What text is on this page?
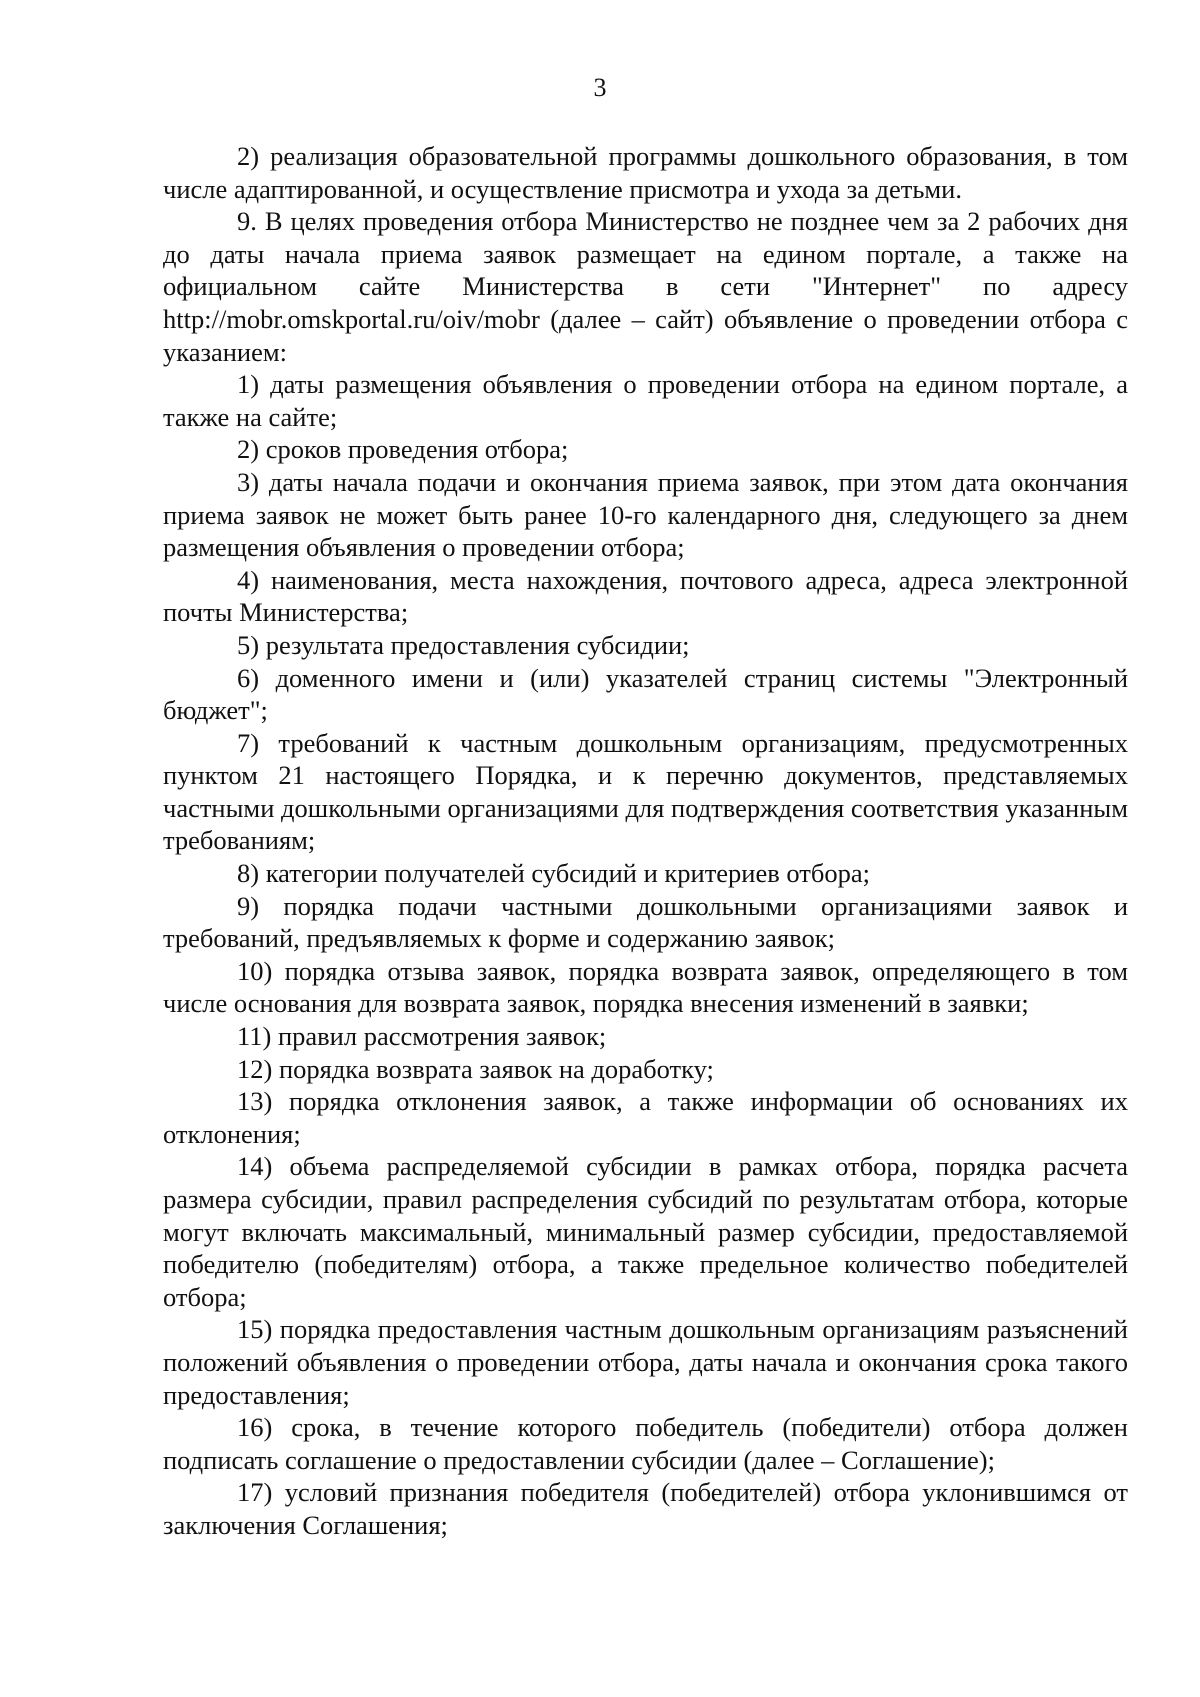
3

2) реализация образовательной программы дошкольного образования, в том числе адаптированной, и осуществление присмотра и ухода за детьми.

9. В целях проведения отбора Министерство не позднее чем за 2 рабочих дня до даты начала приема заявок размещает на едином портале, а также на официальном сайте Министерства в сети "Интернет" по адресу http://mobr.omskportal.ru/oiv/mobr (далее – сайт) объявление о проведении отбора с указанием:

1) даты размещения объявления о проведении отбора на едином портале, а также на сайте;

2) сроков проведения отбора;

3) даты начала подачи и окончания приема заявок, при этом дата окончания приема заявок не может быть ранее 10-го календарного дня, следующего за днем размещения объявления о проведении отбора;

4) наименования, места нахождения, почтового адреса, адреса электронной почты Министерства;

5) результата предоставления субсидии;

6) доменного имени и (или) указателей страниц системы "Электронный бюджет";

7) требований к частным дошкольным организациям, предусмотренных пунктом 21 настоящего Порядка, и к перечню документов, представляемых частными дошкольными организациями для подтверждения соответствия указанным требованиям;

8) категории получателей субсидий и критериев отбора;

9) порядка подачи частными дошкольными организациями заявок и требований, предъявляемых к форме и содержанию заявок;

10) порядка отзыва заявок, порядка возврата заявок, определяющего в том числе основания для возврата заявок, порядка внесения изменений в заявки;

11) правил рассмотрения заявок;

12) порядка возврата заявок на доработку;

13) порядка отклонения заявок, а также информации об основаниях их отклонения;

14) объема распределяемой субсидии в рамках отбора, порядка расчета размера субсидии, правил распределения субсидий по результатам отбора, которые могут включать максимальный, минимальный размер субсидии, предоставляемой победителю (победителям) отбора, а также предельное количество победителей отбора;

15) порядка предоставления частным дошкольным организациям разъяснений положений объявления о проведении отбора, даты начала и окончания срока такого предоставления;

16) срока, в течение которого победитель (победители) отбора должен подписать соглашение о предоставлении субсидии (далее – Соглашение);

17) условий признания победителя (победителей) отбора уклонившимся от заключения Соглашения;
